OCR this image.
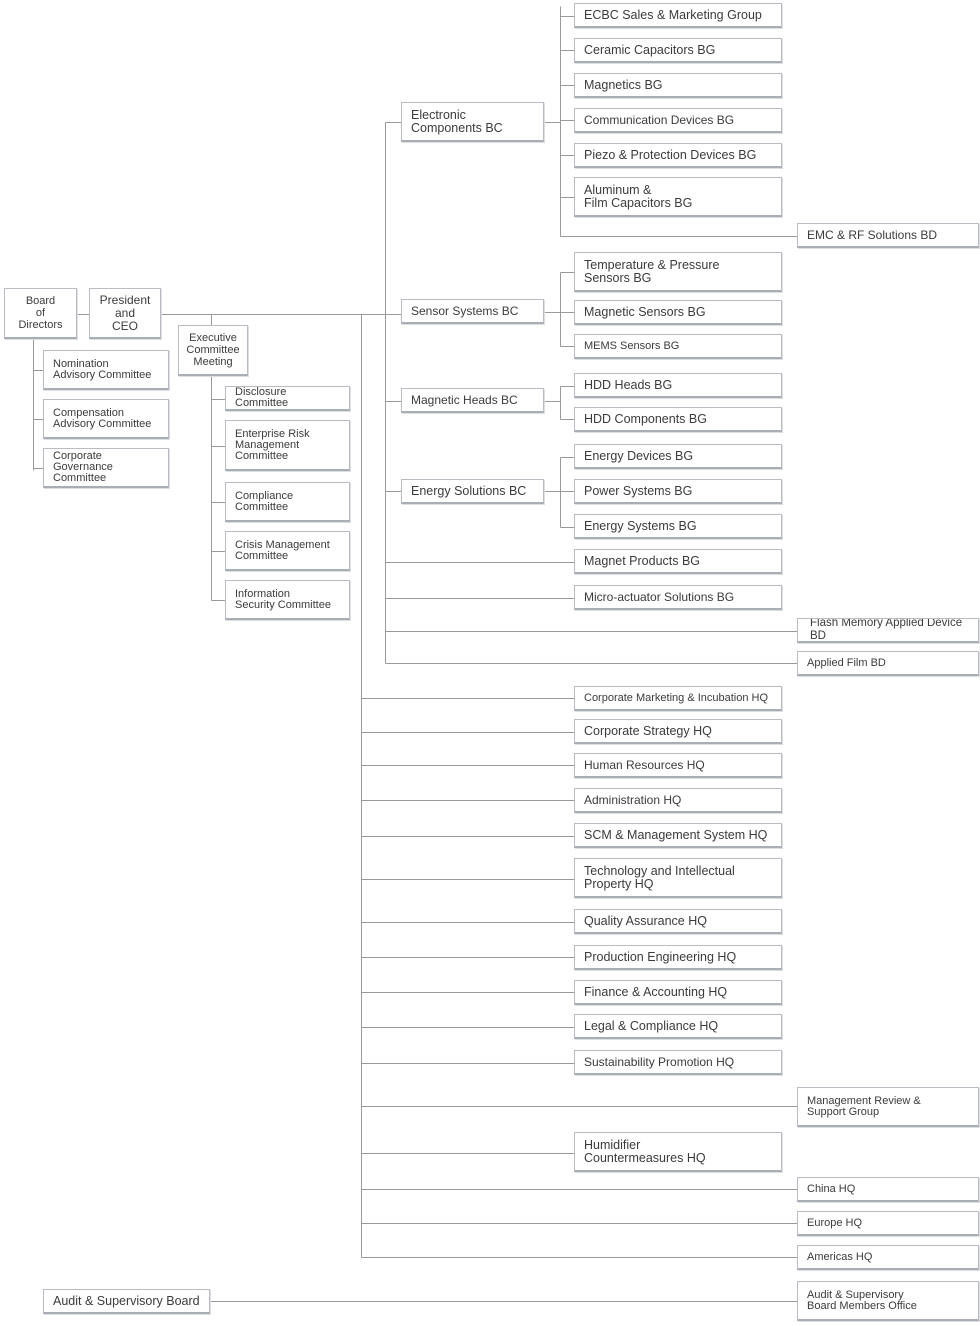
Board
of
Directors
President
and
CEO
Nomination
Advisory Committee
Compensation
Advisory Committee
Corporate Governance
Committee
Executive
Committee
Meeting
Disclosure Committee
Enterprise Risk
Management
Committee
Compliance
Committee
Crisis Management
Committee
Information
Security Committee
Audit & Supervisory Board	Audit & Supervisory
Board Members Office
Electronic
Components BC
Sensor Systems BC
Magnetic Heads BC
Energy Solutions BC
ECBC Sales & Marketing Group
Ceramic Capacitors BG
Magnetics BG
Communication Devices BG
Piezo & Protection Devices BG
Aluminum &
Film Capacitors BG
EMC & RF Solutions BD
Temperature & Pressure
Sensors BG
Magnetic Sensors BG
MEMS Sensors BG
HDD Heads BG
HDD Components BG
Energy Devices BG
Power Systems BG
Energy Systems BG
Magnet Products BG
Micro-actuator Solutions BG
Flash Memory Applied Device BD
Applied Film BD
Corporate Marketing & Incubation HQ
Corporate Strategy HQ
Human Resources HQ
Administration HQ
SCM & Management System HQ
Technology and Intellectual
Property HQ
Quality Assurance HQ
Production Engineering HQ
Finance & Accounting HQ
Legal & Compliance HQ
Sustainability Promotion HQ
Management Review &
Support Group
Humidifier
Countermeasures HQ
China HQ
Europe HQ
Americas HQ
